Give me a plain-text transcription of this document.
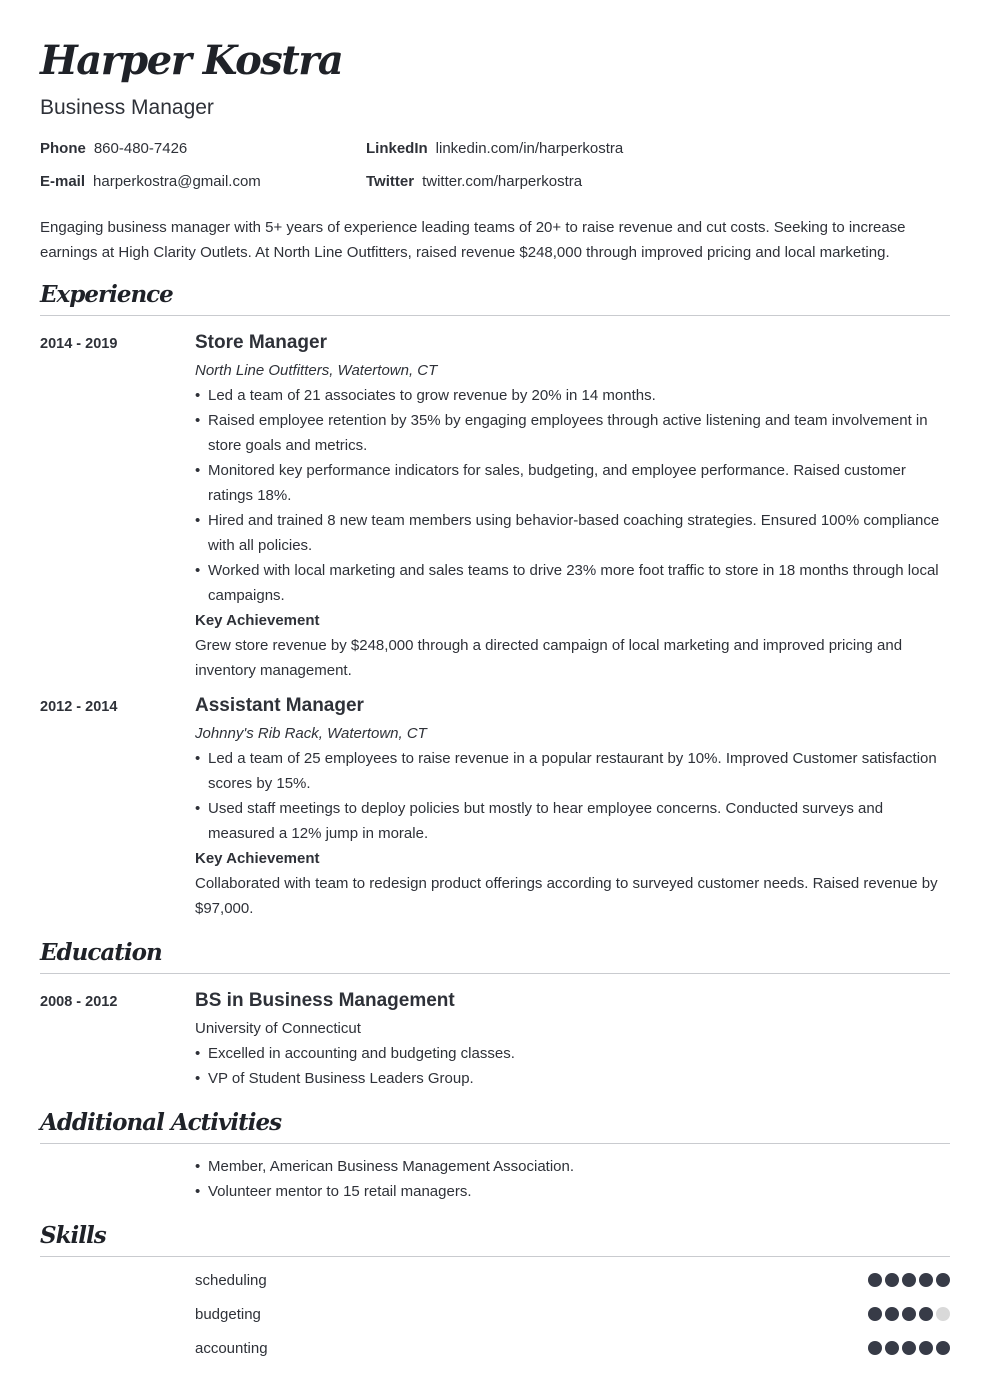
Harper Kostra
Business Manager
Phone 860-480-7426	LinkedIn linkedin.com/in/harperkostra
E-mail harperkostra@gmail.com	Twitter twitter.com/harperkostra

Engaging business manager with 5+ years of experience leading teams of 20+ to raise revenue and cut costs. Seeking to increase earnings at High Clarity Outlets. At North Line Outfitters, raised revenue $248,000 through improved pricing and local marketing.

Experience
2014 - 2019	Store Manager
North Line Outfitters, Watertown, CT
• Led a team of 21 associates to grow revenue by 20% in 14 months.
• Raised employee retention by 35% by engaging employees through active listening and team involvement in store goals and metrics.
• Monitored key performance indicators for sales, budgeting, and employee performance. Raised customer ratings 18%.
• Hired and trained 8 new team members using behavior-based coaching strategies. Ensured 100% compliance with all policies.
• Worked with local marketing and sales teams to drive 23% more foot traffic to store in 18 months through local campaigns.
Key Achievement
Grew store revenue by $248,000 through a directed campaign of local marketing and improved pricing and inventory management.
2012 - 2014	Assistant Manager
Johnny's Rib Rack, Watertown, CT
• Led a team of 25 employees to raise revenue in a popular restaurant by 10%. Improved Customer satisfaction scores by 15%.
• Used staff meetings to deploy policies but mostly to hear employee concerns. Conducted surveys and measured a 12% jump in morale.
Key Achievement
Collaborated with team to redesign product offerings according to surveyed customer needs. Raised revenue by $97,000.
Education
2008 - 2012	BS in Business Management
University of Connecticut
• Excelled in accounting and budgeting classes.
• VP of Student Business Leaders Group.
Additional Activities
• Member, American Business Management Association.
• Volunteer mentor to 15 retail managers.
Skills
scheduling
budgeting
accounting
